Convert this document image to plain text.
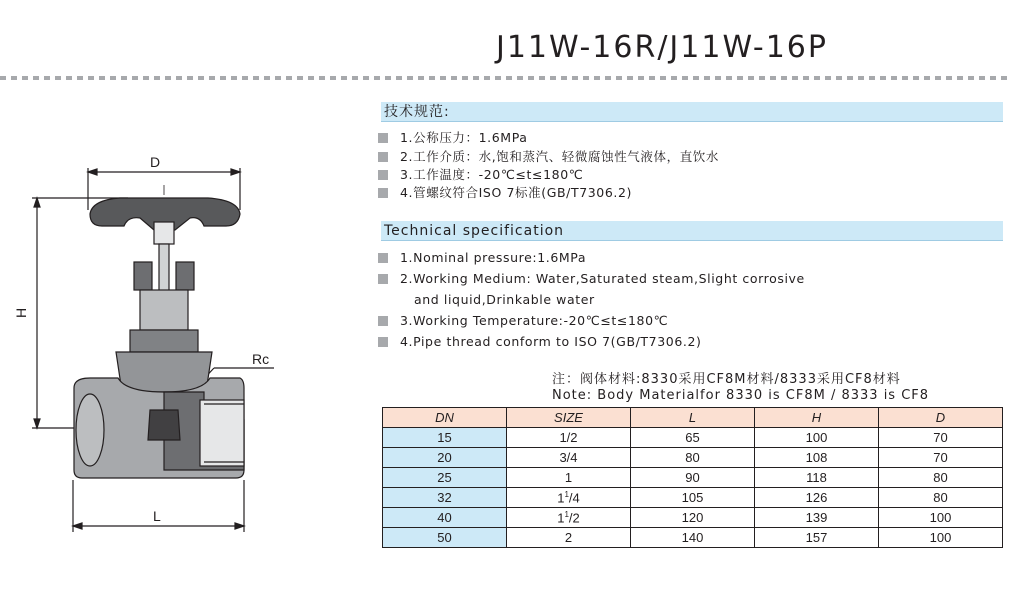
J11W-16R/J11W-16P
D
H
L
Rc
技术规范:
1.公称压力：1.6MPa
2.工作介质：水,饱和蒸汽、轻微腐蚀性气液体，直饮水
3.工作温度：-20℃≤t≤180℃
4.管螺纹符合ISO 7标准(GB/T7306.2)
Technical specification
1.Nominal pressure:1.6MPa
2.Working Medium: Water,Saturated steam,Slight corrosive
and liquid,Drinkable water
3.Working Temperature:-20℃≤t≤180℃
4.Pipe thread conform to ISO 7(GB/T7306.2)
注：阀体材料:8330采用CF8M材料/8333采用CF8材料
Note: Body Materialfor 8330 is CF8M / 8333 is CF8
DN	SIZE	L	H	D
15	1/2	65	100	70
20	3/4	80	108	70
25	1	90	118	80
32	$1^1/4$	105	126	80
40	$1^1/2$	120	139	100
50	2	140	157	100
